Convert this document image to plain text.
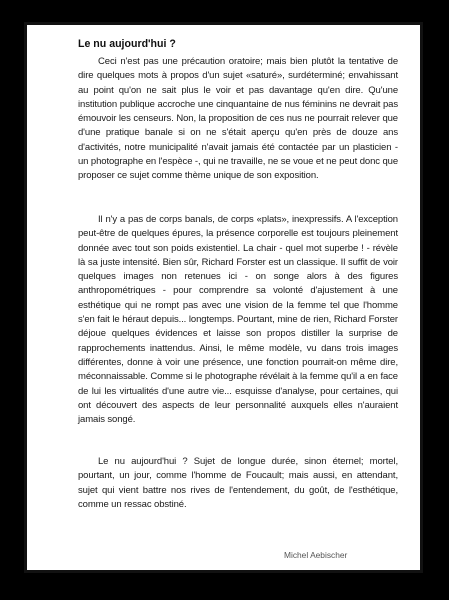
Le nu aujourd'hui ?

Ceci n'est pas une précaution oratoire; mais bien plutôt la tentative de dire quelques mots à propos d'un sujet «saturé», surdéterminé; envahissant au point qu'on ne sait plus le voir et pas davantage qu'en dire. Qu'une institution publique accroche une cinquantaine de nus féminins ne devrait pas émouvoir les censeurs. Non, la proposition de ces nus ne pourrait relever que d'une pratique banale si on ne s'était aperçu qu'en près de douze ans d'activités, notre municipalité n'avait jamais été contactée par un plasticien - un photographe en l'espèce -, qui ne travaille, ne se voue et ne peut donc que proposer ce sujet comme thème unique de son exposition.

Il n'y a pas de corps banals, de corps «plats», inexpressifs. A l'exception peut-être de quelques épures, la présence corporelle est toujours pleinement donnée avec tout son poids existentiel. La chair - quel mot superbe ! - révèle là sa juste intensité. Bien sûr, Richard Forster est un classique. Il suffit de voir quelques images non retenues ici - on songe alors à des figures anthropométriques - pour comprendre sa volonté d'ajustement à une esthétique qui ne rompt pas avec une vision de la femme tel que l'homme s'en fait le héraut depuis... longtemps. Pourtant, mine de rien, Richard Forster déjoue quelques évidences et laisse son propos distiller la surprise de rapprochements inattendus. Ainsi, le même modèle, vu dans trois images différentes, donne à voir une présence, une fonction pourrait-on même dire, méconnaissable. Comme si le photographe révélait à la femme qu'il a en face de lui les virtualités d'une autre vie... esquisse d'analyse, pour certaines, qui ont découvert des aspects de leur personnalité auxquels elles n'auraient jamais songé.

Le nu aujourd'hui ? Sujet de longue durée, sinon éternel; mortel, pourtant, un jour, comme l'homme de Foucault; mais aussi, en attendant, sujet qui vient battre nos rives de l'entendement, du goût, de l'esthétique, comme un ressac obstiné.

Michel Aebischer
